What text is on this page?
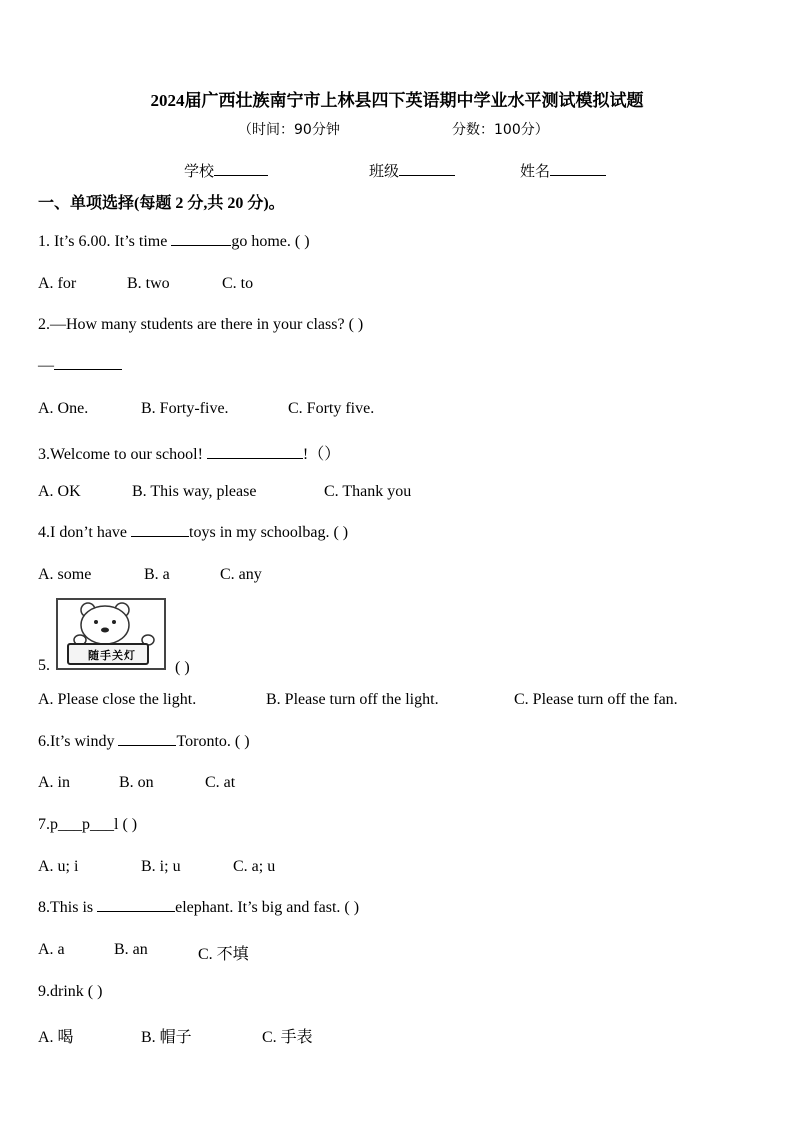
2024届广西壮族南宁市上林县四下英语期中学业水平测试模拟试题
（时间：90分钟	分数：100分）
学校	班级	姓名
一、单项选择(每题 2 分,共 20 分)。
1. It’s 6.00. It’s time	go home. ( )
A. for	B. two	C. to
2.—How many students are there in your class? ( )
—
A. One.	B. Forty-five.	C. Forty five.
3.Welcome to our school!	!（）
A. OK	B. This way, please	C. Thank you
4.I don’t have	toys in my schoolbag. ( )
A. some	B. a	C. any
5.
随手关灯
( )
A. Please close the light.	B. Please turn off the light.	C. Please turn off the fan.
6.It’s windy	Toronto. ( )
A. in	B. on	C. at
7.p___p___l ( )
A. u; i	B. i; u	C. a; u
8.This is	elephant. It’s big and fast. ( )
A. a	B. an	C. 不填
9.drink ( )
A. 喝	B. 帽子	C. 手表
